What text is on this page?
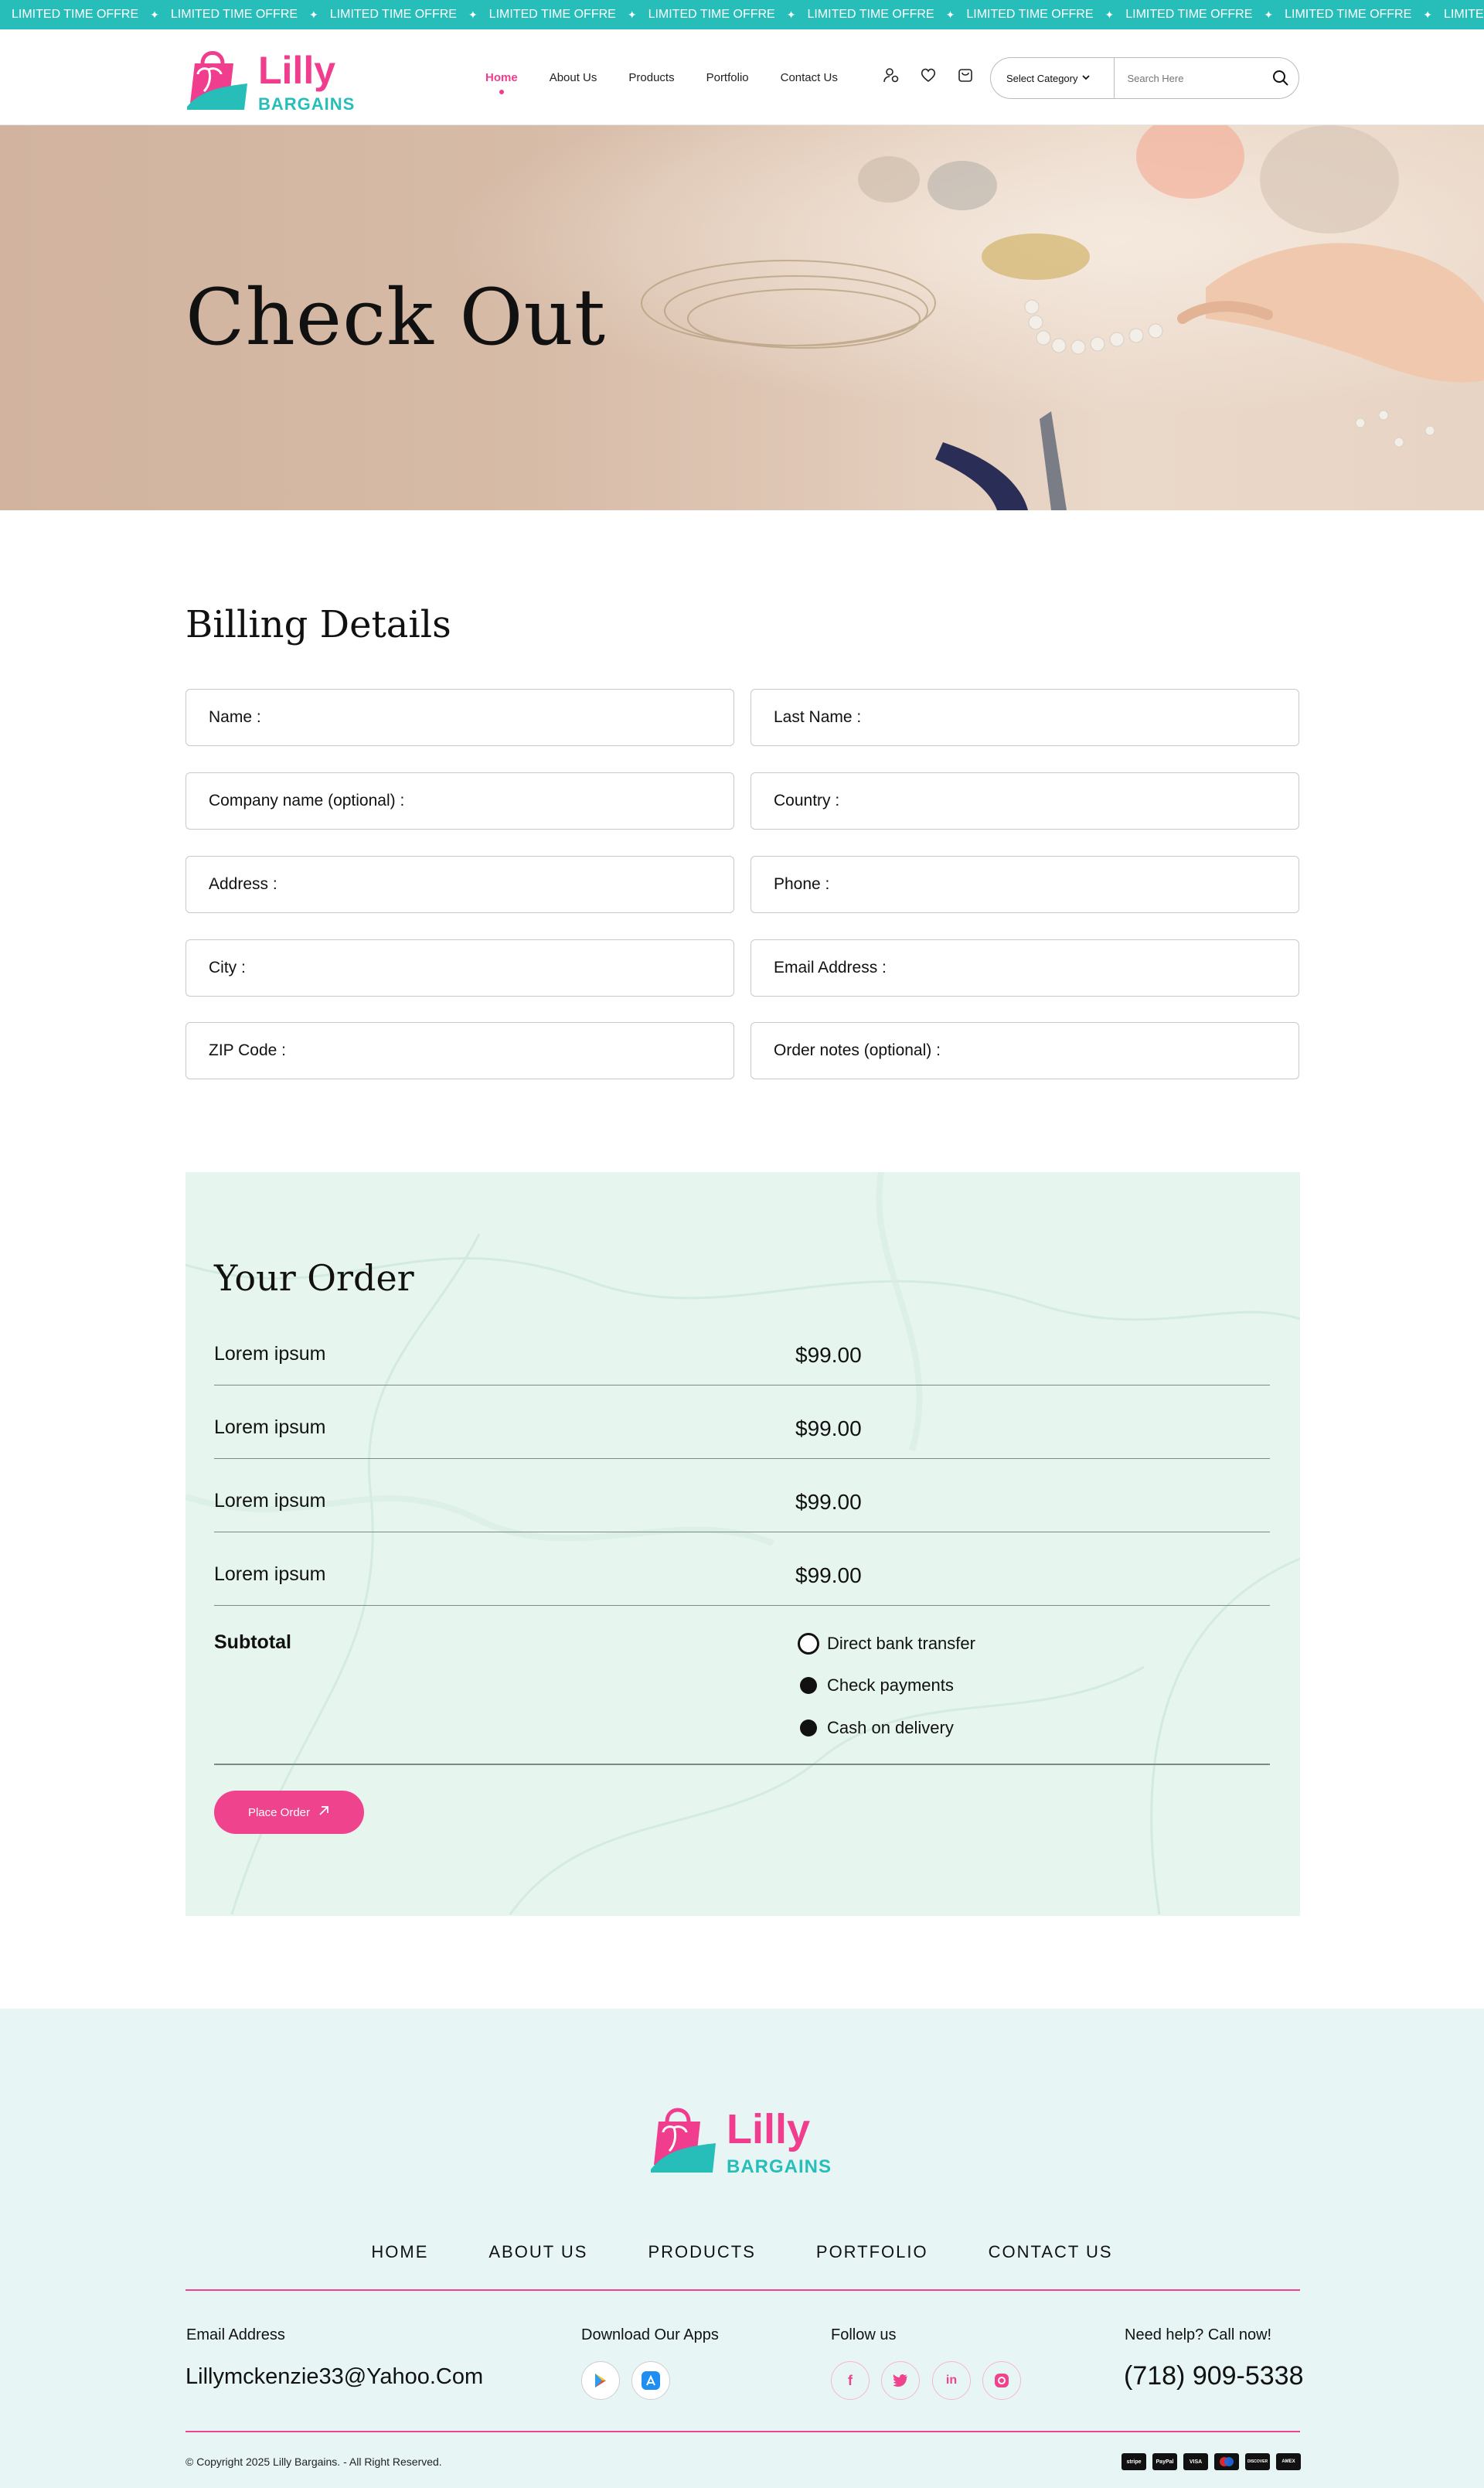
LIMITED TIME OFFRE	✦ LIMITED TIME OFFRE	✦ LIMITED TIME OFFRE	✦ LIMITED TIME OFFRE	✦ LIMITED TIME OFFRE	✦ LIMITED TIME OFFRE	✦ LIMITED TIME OFFRE	✦ LIMITED TIME OFFRE	✦ LIMITED TIME OFFRE	✦ LIMITE
Lilly
BARGAINS
Home	About Us	Products	Portfolio	Contact Us	Select Category
Search Here
Check Out
Billing Details
Name :	Last Name :
Company name (optional) :	Country :
Address :	Phone :
City :	Email Address :
ZIP Code :	Order notes (optional) :
Your Order
Lorem ipsum	$99.00
Lorem ipsum	$99.00
Lorem ipsum	$99.00
Lorem ipsum	$99.00
Subtotal	Direct bank transfer
Check payments
Cash on delivery
Place Order
Lilly
BARGAINS
HOME	ABOUT US	PRODUCTS	PORTFOLIO	CONTACT US
Email Address
Lillymckenzie33@Yahoo.Com
Download Our Apps	Follow us
f	in
Need help? Call now!
(718) 909-5338
© Copyright 2025 Lilly Bargains. - All Right Reserved.	stripe	PayPal	VISA	DISCOVER	AMEX
